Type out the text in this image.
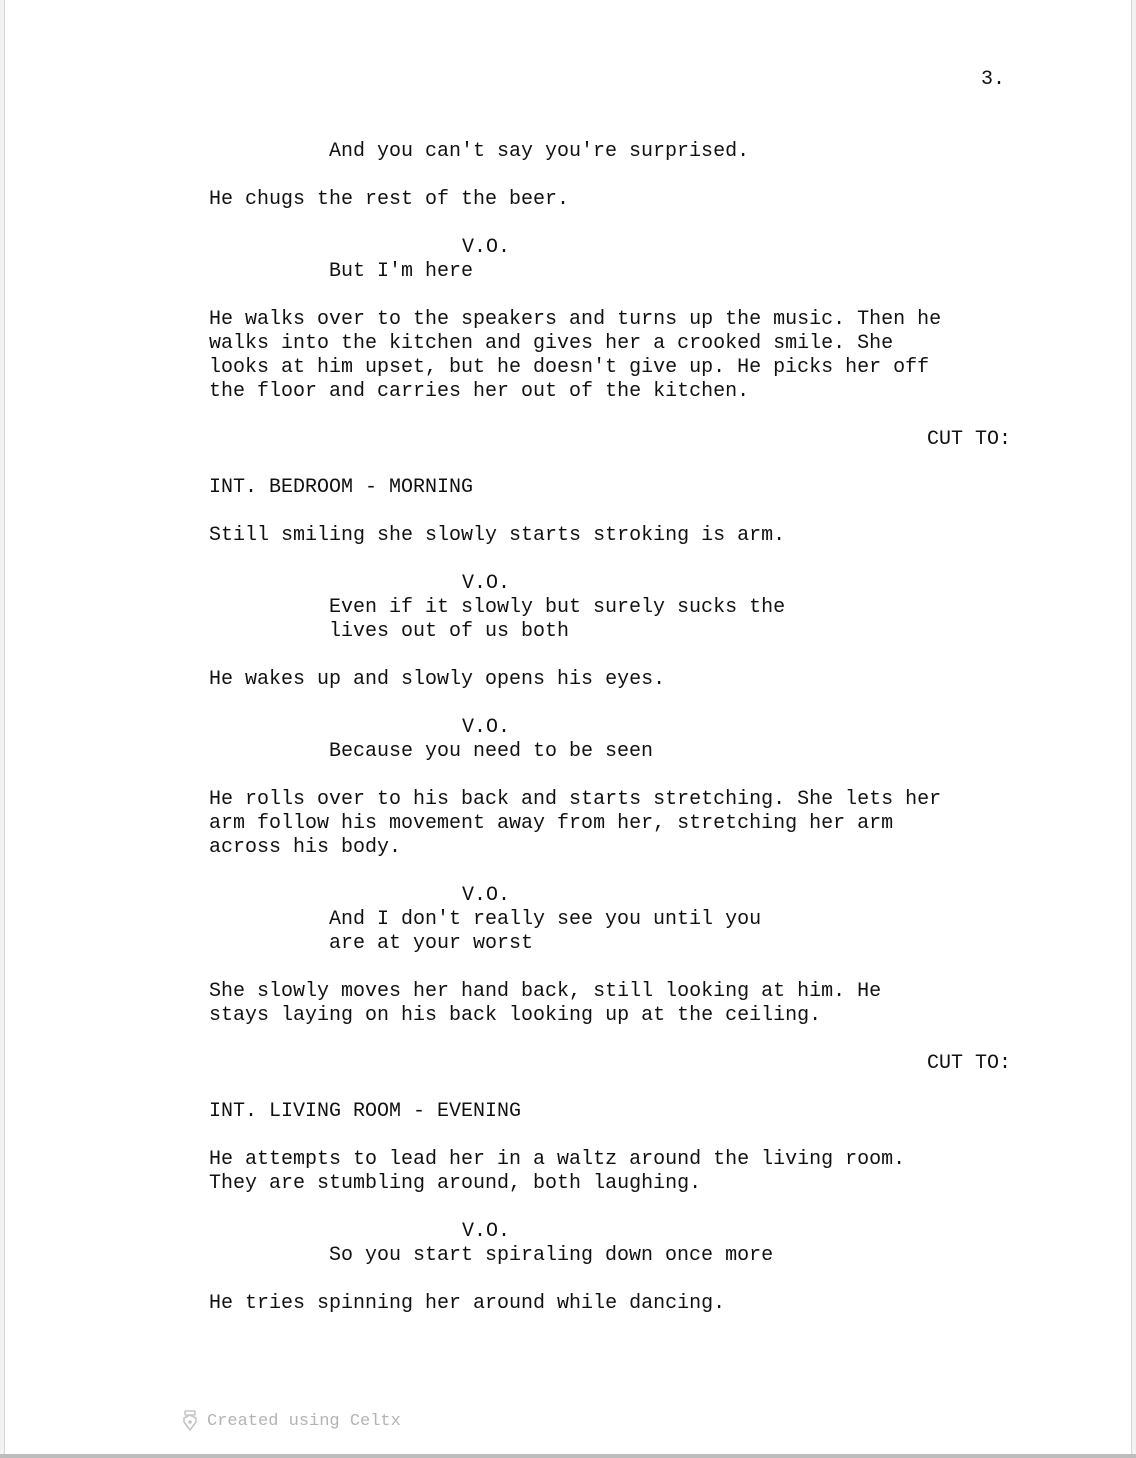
3.
And you can't say you're surprised.
He chugs the rest of the beer.
V.O.
But I'm here
He walks over to the speakers and turns up the music. Then he
walks into the kitchen and gives her a crooked smile. She
looks at him upset, but he doesn't give up. He picks her off
the floor and carries her out of the kitchen.
CUT TO:
INT. BEDROOM - MORNING
Still smiling she slowly starts stroking is arm.
V.O.
Even if it slowly but surely sucks the
lives out of us both
He wakes up and slowly opens his eyes.
V.O.
Because you need to be seen
He rolls over to his back and starts stretching. She lets her
arm follow his movement away from her, stretching her arm
across his body.
V.O.
And I don't really see you until you
are at your worst
She slowly moves her hand back, still looking at him. He
stays laying on his back looking up at the ceiling.
CUT TO:
INT. LIVING ROOM - EVENING
He attempts to lead her in a waltz around the living room.
They are stumbling around, both laughing.
V.O.
So you start spiraling down once more
He tries spinning her around while dancing.
Created using Celtx
